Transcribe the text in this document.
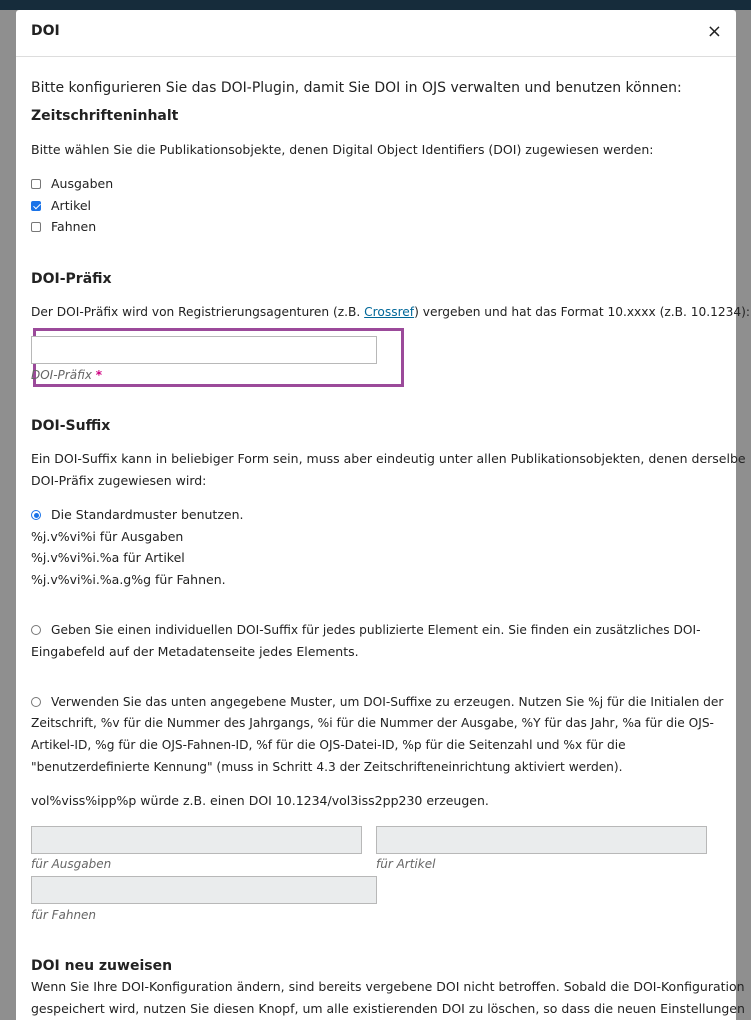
DOI	×
Bitte konfigurieren Sie das DOI-Plugin, damit Sie DOI in OJS verwalten und benutzen können:
Zeitschrifteninhalt
Bitte wählen Sie die Publikationsobjekte, denen Digital Object Identifiers (DOI) zugewiesen werden:
Ausgaben
Artikel
Fahnen
DOI-Präfix
Der DOI-Präfix wird von Registrierungsagenturen (z.B. Crossref) vergeben und hat das Format 10.xxxx (z.B. 10.1234):
DOI-Präfix *
DOI-Suffix
Ein DOI-Suffix kann in beliebiger Form sein, muss aber eindeutig unter allen Publikationsobjekten, denen derselbe
DOI-Präfix zugewiesen wird:
Die Standardmuster benutzen.
%j.v%vi%i für Ausgaben
%j.v%vi%i.%a für Artikel
%j.v%vi%i.%a.g%g für Fahnen.
Geben Sie einen individuellen DOI-Suffix für jedes publizierte Element ein. Sie finden ein zusätzliches DOI-
Eingabefeld auf der Metadatenseite jedes Elements.
Verwenden Sie das unten angegebene Muster, um DOI-Suffixe zu erzeugen. Nutzen Sie %j für die Initialen der
Zeitschrift, %v für die Nummer des Jahrgangs, %i für die Nummer der Ausgabe, %Y für das Jahr, %a für die OJS-
Artikel-ID, %g für die OJS-Fahnen-ID, %f für die OJS-Datei-ID, %p für die Seitenzahl und %x für die
"benutzerdefinierte Kennung" (muss in Schritt 4.3 der Zeitschrifteneinrichtung aktiviert werden).
vol%viss%ipp%p würde z.B. einen DOI 10.1234/vol3iss2pp230 erzeugen.
für Ausgaben	für Artikel
für Fahnen
DOI neu zuweisen
Wenn Sie Ihre DOI-Konfiguration ändern, sind bereits vergebene DOI nicht betroffen. Sobald die DOI-Konfiguration
gespeichert wird, nutzen Sie diesen Knopf, um alle existierenden DOI zu löschen, so dass die neuen Einstellungen
